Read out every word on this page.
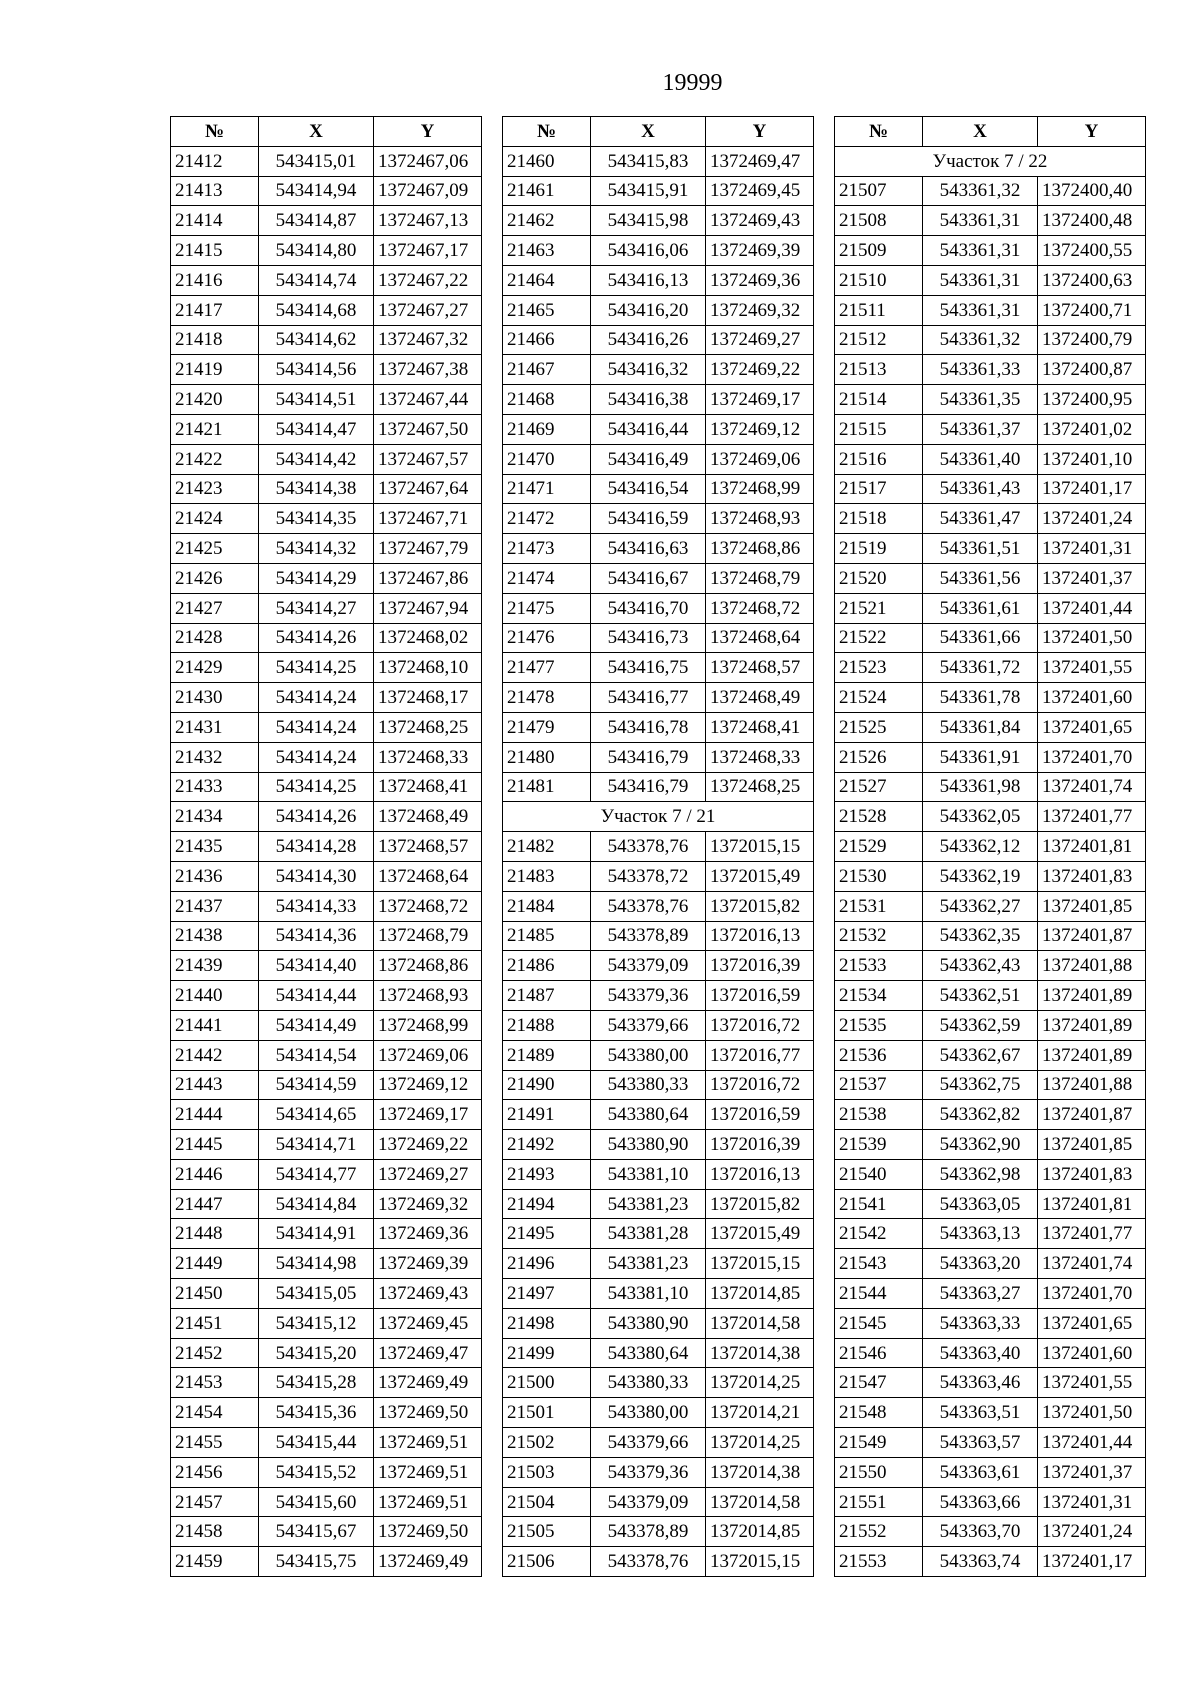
19999
№	X	Y
21412	543415,01	1372467,06
21413	543414,94	1372467,09
21414	543414,87	1372467,13
21415	543414,80	1372467,17
21416	543414,74	1372467,22
21417	543414,68	1372467,27
21418	543414,62	1372467,32
21419	543414,56	1372467,38
21420	543414,51	1372467,44
21421	543414,47	1372467,50
21422	543414,42	1372467,57
21423	543414,38	1372467,64
21424	543414,35	1372467,71
21425	543414,32	1372467,79
21426	543414,29	1372467,86
21427	543414,27	1372467,94
21428	543414,26	1372468,02
21429	543414,25	1372468,10
21430	543414,24	1372468,17
21431	543414,24	1372468,25
21432	543414,24	1372468,33
21433	543414,25	1372468,41
21434	543414,26	1372468,49
21435	543414,28	1372468,57
21436	543414,30	1372468,64
21437	543414,33	1372468,72
21438	543414,36	1372468,79
21439	543414,40	1372468,86
21440	543414,44	1372468,93
21441	543414,49	1372468,99
21442	543414,54	1372469,06
21443	543414,59	1372469,12
21444	543414,65	1372469,17
21445	543414,71	1372469,22
21446	543414,77	1372469,27
21447	543414,84	1372469,32
21448	543414,91	1372469,36
21449	543414,98	1372469,39
21450	543415,05	1372469,43
21451	543415,12	1372469,45
21452	543415,20	1372469,47
21453	543415,28	1372469,49
21454	543415,36	1372469,50
21455	543415,44	1372469,51
21456	543415,52	1372469,51
21457	543415,60	1372469,51
21458	543415,67	1372469,50
21459	543415,75	1372469,49
№	X	Y
21460	543415,83	1372469,47
21461	543415,91	1372469,45
21462	543415,98	1372469,43
21463	543416,06	1372469,39
21464	543416,13	1372469,36
21465	543416,20	1372469,32
21466	543416,26	1372469,27
21467	543416,32	1372469,22
21468	543416,38	1372469,17
21469	543416,44	1372469,12
21470	543416,49	1372469,06
21471	543416,54	1372468,99
21472	543416,59	1372468,93
21473	543416,63	1372468,86
21474	543416,67	1372468,79
21475	543416,70	1372468,72
21476	543416,73	1372468,64
21477	543416,75	1372468,57
21478	543416,77	1372468,49
21479	543416,78	1372468,41
21480	543416,79	1372468,33
21481	543416,79	1372468,25
Участок 7 / 21		
21482	543378,76	1372015,15
21483	543378,72	1372015,49
21484	543378,76	1372015,82
21485	543378,89	1372016,13
21486	543379,09	1372016,39
21487	543379,36	1372016,59
21488	543379,66	1372016,72
21489	543380,00	1372016,77
21490	543380,33	1372016,72
21491	543380,64	1372016,59
21492	543380,90	1372016,39
21493	543381,10	1372016,13
21494	543381,23	1372015,82
21495	543381,28	1372015,49
21496	543381,23	1372015,15
21497	543381,10	1372014,85
21498	543380,90	1372014,58
21499	543380,64	1372014,38
21500	543380,33	1372014,25
21501	543380,00	1372014,21
21502	543379,66	1372014,25
21503	543379,36	1372014,38
21504	543379,09	1372014,58
21505	543378,89	1372014,85
21506	543378,76	1372015,15
№	X	Y
Участок 7 / 22		
21507	543361,32	1372400,40
21508	543361,31	1372400,48
21509	543361,31	1372400,55
21510	543361,31	1372400,63
21511	543361,31	1372400,71
21512	543361,32	1372400,79
21513	543361,33	1372400,87
21514	543361,35	1372400,95
21515	543361,37	1372401,02
21516	543361,40	1372401,10
21517	543361,43	1372401,17
21518	543361,47	1372401,24
21519	543361,51	1372401,31
21520	543361,56	1372401,37
21521	543361,61	1372401,44
21522	543361,66	1372401,50
21523	543361,72	1372401,55
21524	543361,78	1372401,60
21525	543361,84	1372401,65
21526	543361,91	1372401,70
21527	543361,98	1372401,74
21528	543362,05	1372401,77
21529	543362,12	1372401,81
21530	543362,19	1372401,83
21531	543362,27	1372401,85
21532	543362,35	1372401,87
21533	543362,43	1372401,88
21534	543362,51	1372401,89
21535	543362,59	1372401,89
21536	543362,67	1372401,89
21537	543362,75	1372401,88
21538	543362,82	1372401,87
21539	543362,90	1372401,85
21540	543362,98	1372401,83
21541	543363,05	1372401,81
21542	543363,13	1372401,77
21543	543363,20	1372401,74
21544	543363,27	1372401,70
21545	543363,33	1372401,65
21546	543363,40	1372401,60
21547	543363,46	1372401,55
21548	543363,51	1372401,50
21549	543363,57	1372401,44
21550	543363,61	1372401,37
21551	543363,66	1372401,31
21552	543363,70	1372401,24
21553	543363,74	1372401,17
